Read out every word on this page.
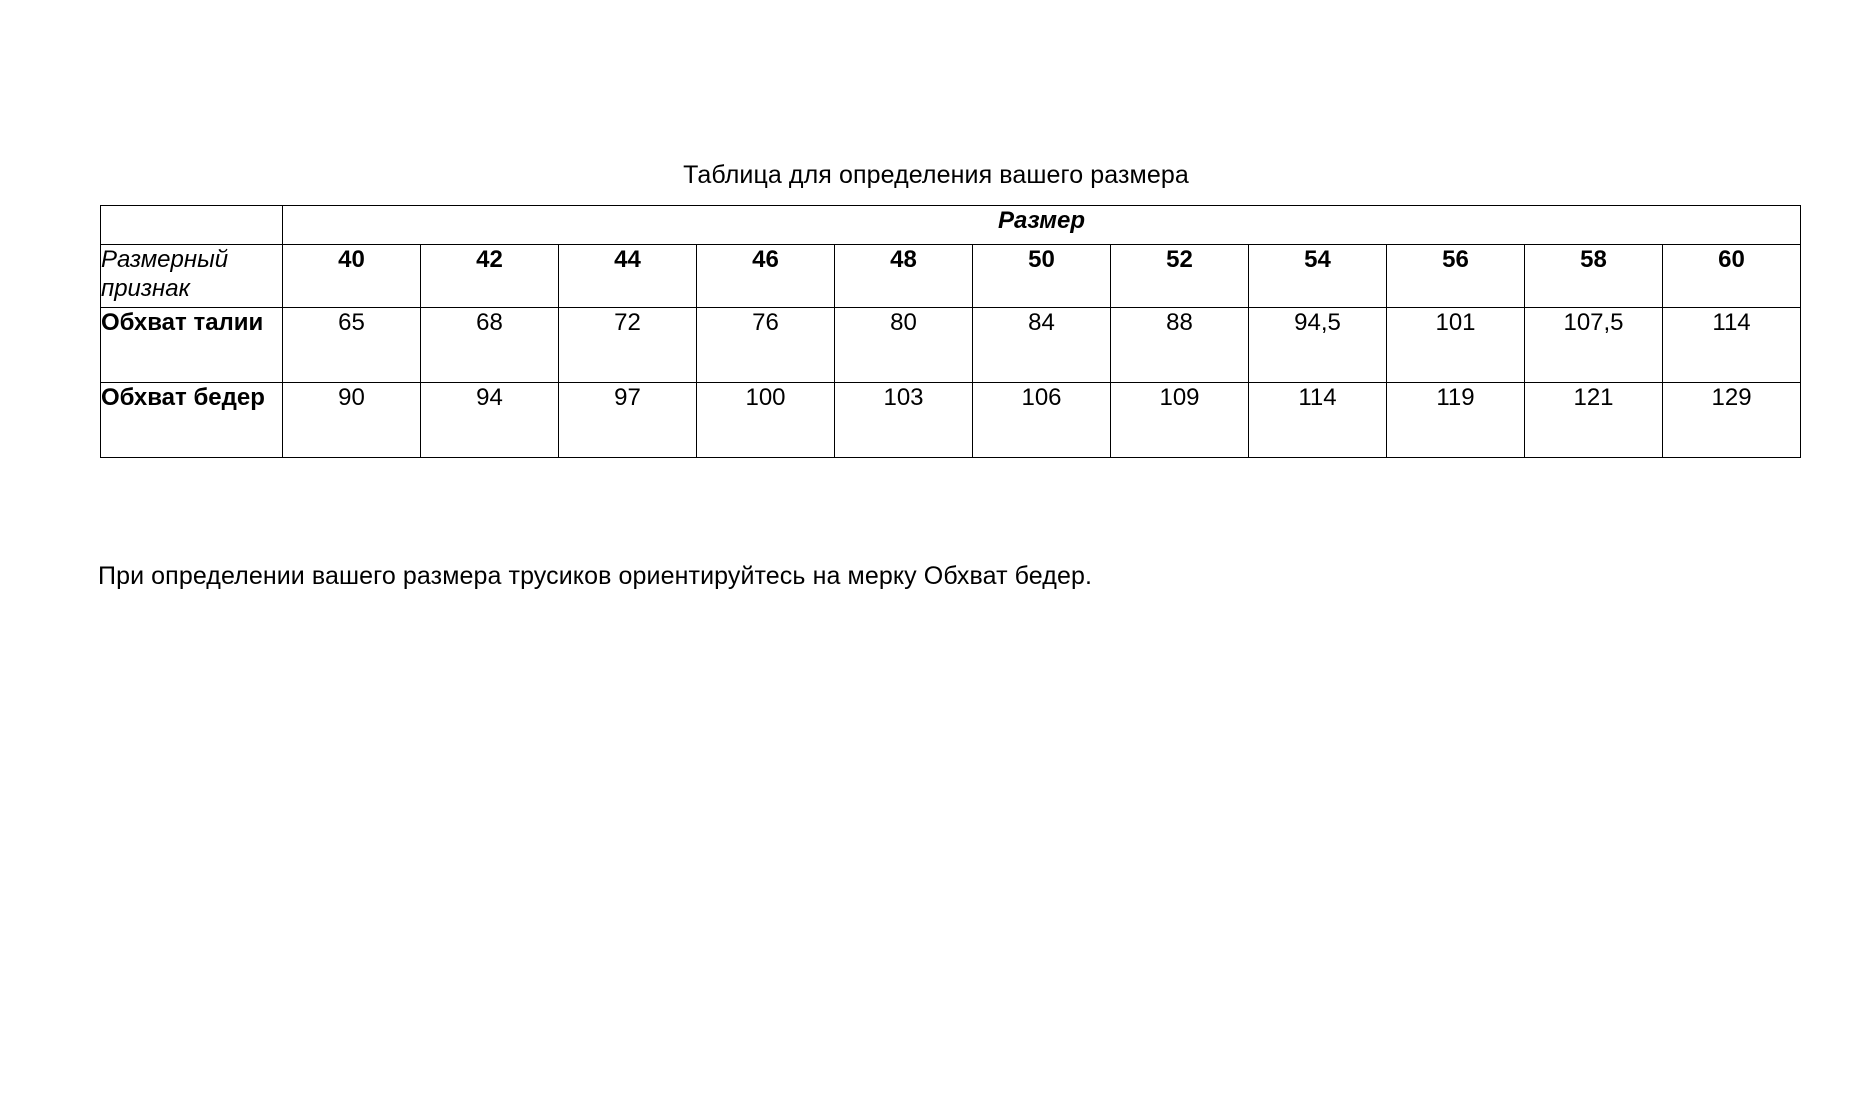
Таблица для определения вашего размера
	Размер										
Размерный признак	40	42	44	46	48	50	52	54	56	58	60
Обхват талии	65	68	72	76	80	84	88	94,5	101	107,5	114
Обхват бедер	90	94	97	100	103	106	109	114	119	121	129
При определении вашего размера трусиков ориентируйтесь на мерку Обхват бедер.
